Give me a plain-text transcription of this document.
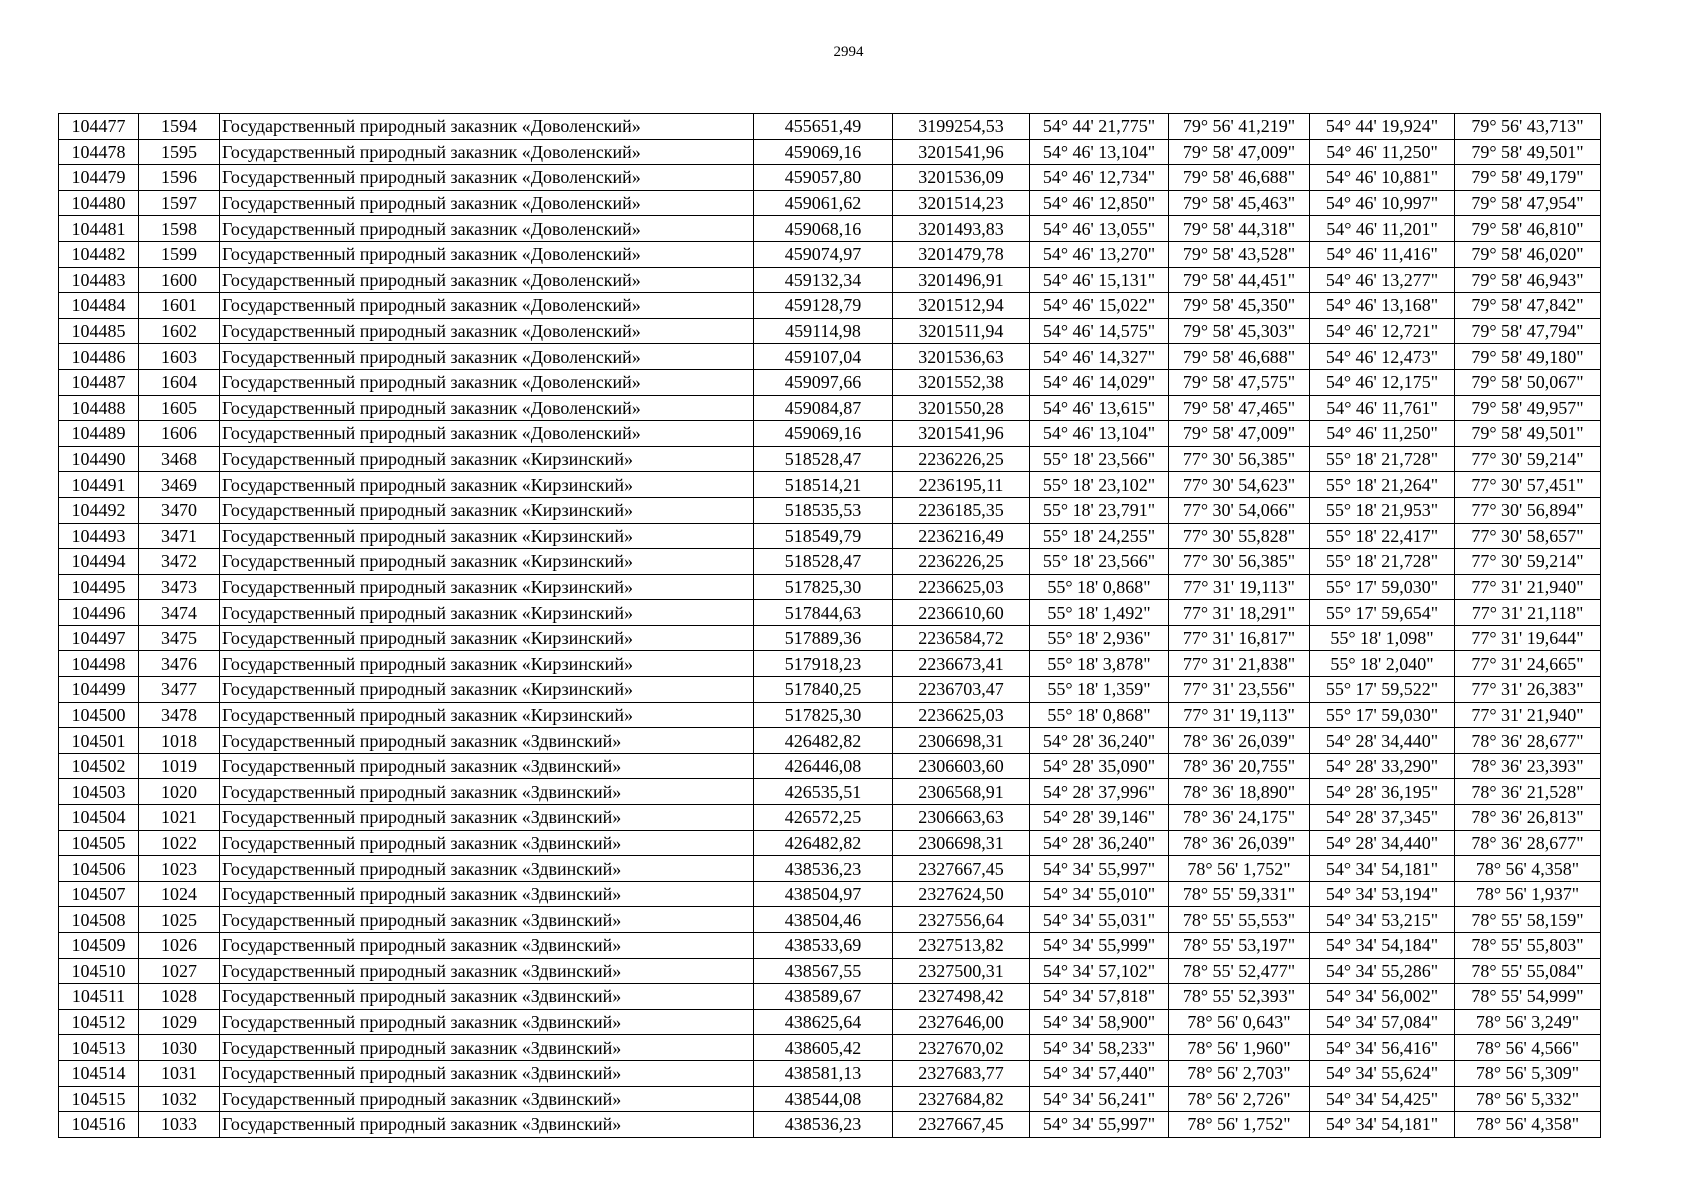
2994
104477	1594	Государственный природный заказник «Доволенский»	455651,49	3199254,53	54° 44' 21,775"	79° 56' 41,219"	54° 44' 19,924"	79° 56' 43,713"
104478	1595	Государственный природный заказник «Доволенский»	459069,16	3201541,96	54° 46' 13,104"	79° 58' 47,009"	54° 46' 11,250"	79° 58' 49,501"
104479	1596	Государственный природный заказник «Доволенский»	459057,80	3201536,09	54° 46' 12,734"	79° 58' 46,688"	54° 46' 10,881"	79° 58' 49,179"
104480	1597	Государственный природный заказник «Доволенский»	459061,62	3201514,23	54° 46' 12,850"	79° 58' 45,463"	54° 46' 10,997"	79° 58' 47,954"
104481	1598	Государственный природный заказник «Доволенский»	459068,16	3201493,83	54° 46' 13,055"	79° 58' 44,318"	54° 46' 11,201"	79° 58' 46,810"
104482	1599	Государственный природный заказник «Доволенский»	459074,97	3201479,78	54° 46' 13,270"	79° 58' 43,528"	54° 46' 11,416"	79° 58' 46,020"
104483	1600	Государственный природный заказник «Доволенский»	459132,34	3201496,91	54° 46' 15,131"	79° 58' 44,451"	54° 46' 13,277"	79° 58' 46,943"
104484	1601	Государственный природный заказник «Доволенский»	459128,79	3201512,94	54° 46' 15,022"	79° 58' 45,350"	54° 46' 13,168"	79° 58' 47,842"
104485	1602	Государственный природный заказник «Доволенский»	459114,98	3201511,94	54° 46' 14,575"	79° 58' 45,303"	54° 46' 12,721"	79° 58' 47,794"
104486	1603	Государственный природный заказник «Доволенский»	459107,04	3201536,63	54° 46' 14,327"	79° 58' 46,688"	54° 46' 12,473"	79° 58' 49,180"
104487	1604	Государственный природный заказник «Доволенский»	459097,66	3201552,38	54° 46' 14,029"	79° 58' 47,575"	54° 46' 12,175"	79° 58' 50,067"
104488	1605	Государственный природный заказник «Доволенский»	459084,87	3201550,28	54° 46' 13,615"	79° 58' 47,465"	54° 46' 11,761"	79° 58' 49,957"
104489	1606	Государственный природный заказник «Доволенский»	459069,16	3201541,96	54° 46' 13,104"	79° 58' 47,009"	54° 46' 11,250"	79° 58' 49,501"
104490	3468	Государственный природный заказник «Кирзинский»	518528,47	2236226,25	55° 18' 23,566"	77° 30' 56,385"	55° 18' 21,728"	77° 30' 59,214"
104491	3469	Государственный природный заказник «Кирзинский»	518514,21	2236195,11	55° 18' 23,102"	77° 30' 54,623"	55° 18' 21,264"	77° 30' 57,451"
104492	3470	Государственный природный заказник «Кирзинский»	518535,53	2236185,35	55° 18' 23,791"	77° 30' 54,066"	55° 18' 21,953"	77° 30' 56,894"
104493	3471	Государственный природный заказник «Кирзинский»	518549,79	2236216,49	55° 18' 24,255"	77° 30' 55,828"	55° 18' 22,417"	77° 30' 58,657"
104494	3472	Государственный природный заказник «Кирзинский»	518528,47	2236226,25	55° 18' 23,566"	77° 30' 56,385"	55° 18' 21,728"	77° 30' 59,214"
104495	3473	Государственный природный заказник «Кирзинский»	517825,30	2236625,03	55° 18' 0,868"	77° 31' 19,113"	55° 17' 59,030"	77° 31' 21,940"
104496	3474	Государственный природный заказник «Кирзинский»	517844,63	2236610,60	55° 18' 1,492"	77° 31' 18,291"	55° 17' 59,654"	77° 31' 21,118"
104497	3475	Государственный природный заказник «Кирзинский»	517889,36	2236584,72	55° 18' 2,936"	77° 31' 16,817"	55° 18' 1,098"	77° 31' 19,644"
104498	3476	Государственный природный заказник «Кирзинский»	517918,23	2236673,41	55° 18' 3,878"	77° 31' 21,838"	55° 18' 2,040"	77° 31' 24,665"
104499	3477	Государственный природный заказник «Кирзинский»	517840,25	2236703,47	55° 18' 1,359"	77° 31' 23,556"	55° 17' 59,522"	77° 31' 26,383"
104500	3478	Государственный природный заказник «Кирзинский»	517825,30	2236625,03	55° 18' 0,868"	77° 31' 19,113"	55° 17' 59,030"	77° 31' 21,940"
104501	1018	Государственный природный заказник «Здвинский»	426482,82	2306698,31	54° 28' 36,240"	78° 36' 26,039"	54° 28' 34,440"	78° 36' 28,677"
104502	1019	Государственный природный заказник «Здвинский»	426446,08	2306603,60	54° 28' 35,090"	78° 36' 20,755"	54° 28' 33,290"	78° 36' 23,393"
104503	1020	Государственный природный заказник «Здвинский»	426535,51	2306568,91	54° 28' 37,996"	78° 36' 18,890"	54° 28' 36,195"	78° 36' 21,528"
104504	1021	Государственный природный заказник «Здвинский»	426572,25	2306663,63	54° 28' 39,146"	78° 36' 24,175"	54° 28' 37,345"	78° 36' 26,813"
104505	1022	Государственный природный заказник «Здвинский»	426482,82	2306698,31	54° 28' 36,240"	78° 36' 26,039"	54° 28' 34,440"	78° 36' 28,677"
104506	1023	Государственный природный заказник «Здвинский»	438536,23	2327667,45	54° 34' 55,997"	78° 56' 1,752"	54° 34' 54,181"	78° 56' 4,358"
104507	1024	Государственный природный заказник «Здвинский»	438504,97	2327624,50	54° 34' 55,010"	78° 55' 59,331"	54° 34' 53,194"	78° 56' 1,937"
104508	1025	Государственный природный заказник «Здвинский»	438504,46	2327556,64	54° 34' 55,031"	78° 55' 55,553"	54° 34' 53,215"	78° 55' 58,159"
104509	1026	Государственный природный заказник «Здвинский»	438533,69	2327513,82	54° 34' 55,999"	78° 55' 53,197"	54° 34' 54,184"	78° 55' 55,803"
104510	1027	Государственный природный заказник «Здвинский»	438567,55	2327500,31	54° 34' 57,102"	78° 55' 52,477"	54° 34' 55,286"	78° 55' 55,084"
104511	1028	Государственный природный заказник «Здвинский»	438589,67	2327498,42	54° 34' 57,818"	78° 55' 52,393"	54° 34' 56,002"	78° 55' 54,999"
104512	1029	Государственный природный заказник «Здвинский»	438625,64	2327646,00	54° 34' 58,900"	78° 56' 0,643"	54° 34' 57,084"	78° 56' 3,249"
104513	1030	Государственный природный заказник «Здвинский»	438605,42	2327670,02	54° 34' 58,233"	78° 56' 1,960"	54° 34' 56,416"	78° 56' 4,566"
104514	1031	Государственный природный заказник «Здвинский»	438581,13	2327683,77	54° 34' 57,440"	78° 56' 2,703"	54° 34' 55,624"	78° 56' 5,309"
104515	1032	Государственный природный заказник «Здвинский»	438544,08	2327684,82	54° 34' 56,241"	78° 56' 2,726"	54° 34' 54,425"	78° 56' 5,332"
104516	1033	Государственный природный заказник «Здвинский»	438536,23	2327667,45	54° 34' 55,997"	78° 56' 1,752"	54° 34' 54,181"	78° 56' 4,358"
